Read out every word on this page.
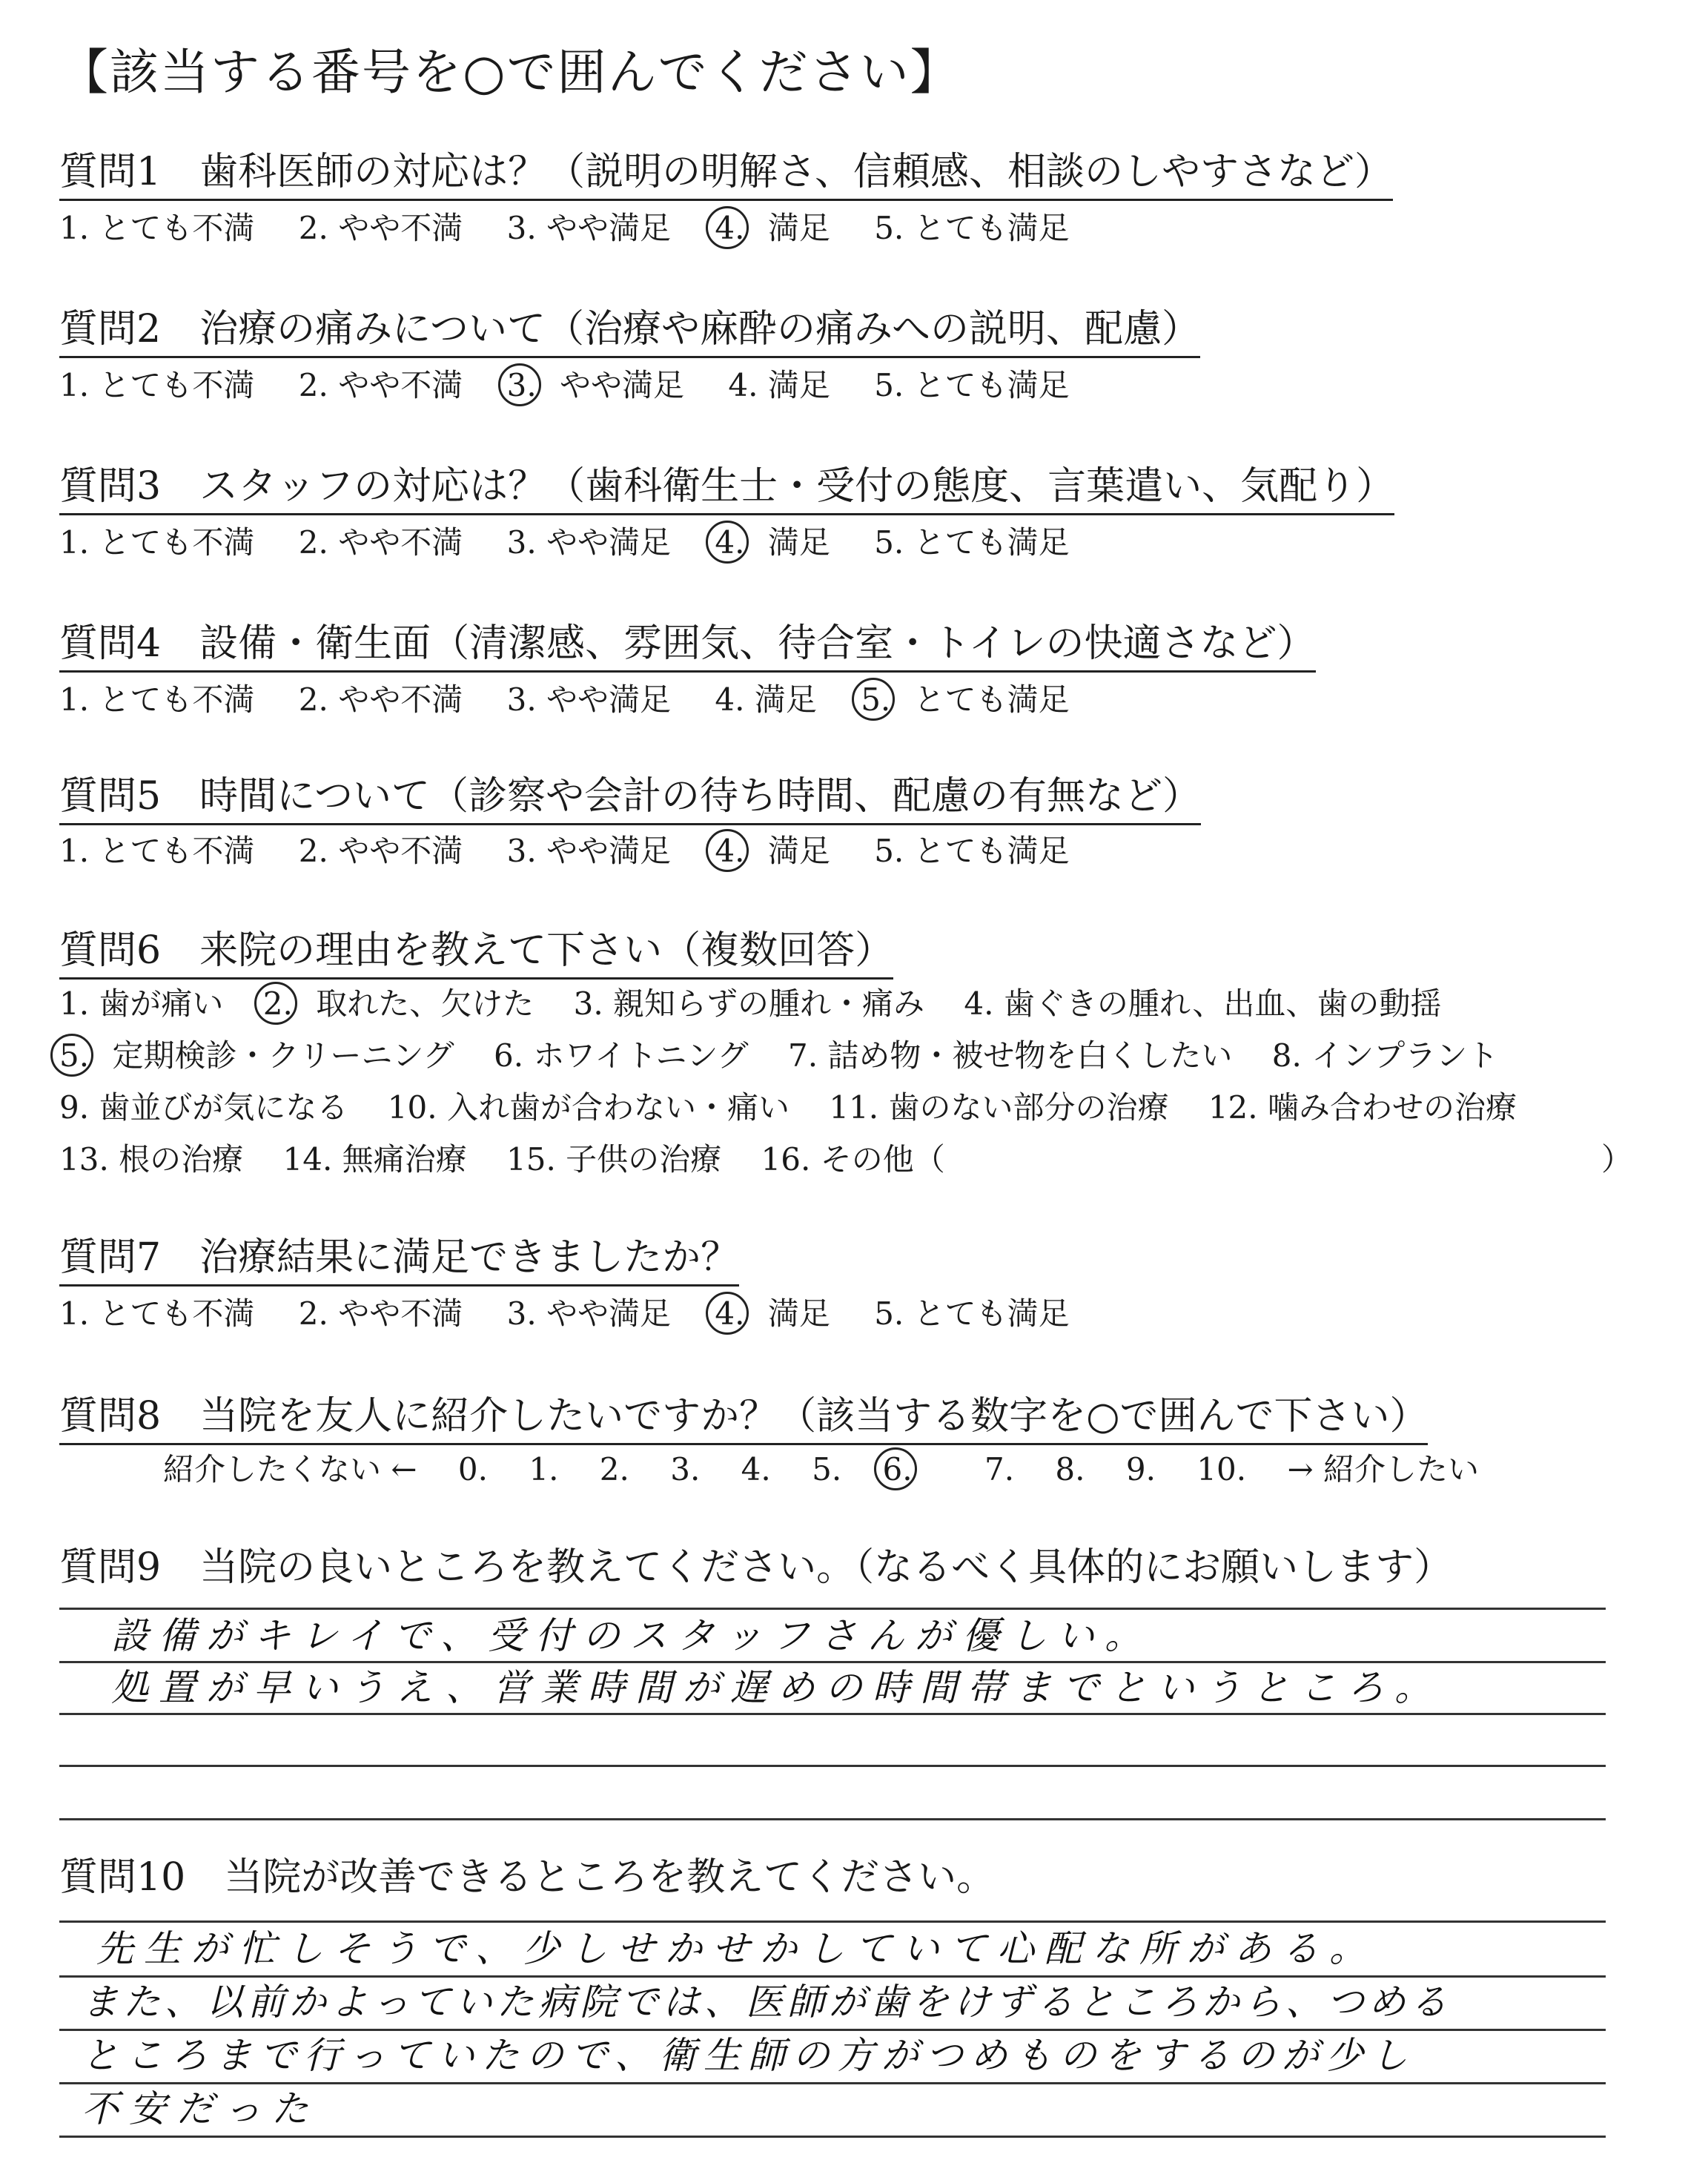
【該当する番号を○で囲んでください】
質問1　歯科医師の対応は？（説明の明解さ、信頼感、相談のしやすさなど）
1. とても不満 2. やや不満 3. やや満足 4. 満足 5. とても満足
質問2　治療の痛みについて（治療や麻酔の痛みへの説明、配慮）
1. とても不満 2. やや不満 3. やや満足 4. 満足 5. とても満足
質問3　スタッフの対応は？（歯科衛生士・受付の態度、言葉遣い、気配り）
1. とても不満 2. やや不満 3. やや満足 4. 満足 5. とても満足
質問4　設備・衛生面（清潔感、雰囲気、待合室・トイレの快適さなど）
1. とても不満 2. やや不満 3. やや満足 4. 満足 5. とても満足
質問5　時間について（診察や会計の待ち時間、配慮の有無など）
1. とても不満 2. やや不満 3. やや満足 4. 満足 5. とても満足
質問6　来院の理由を教えて下さい（複数回答）
1. 歯が痛い 2. 取れた、欠けた 3. 親知らずの腫れ・痛み 4. 歯ぐきの腫れ、出血、歯の動揺
5. 定期検診・クリーニング 6. ホワイトニング 7. 詰め物・被せ物を白くしたい 8. インプラント
9. 歯並びが気になる 10. 入れ歯が合わない・痛い 11. 歯のない部分の治療 12. 噛み合わせの治療
13. 根の治療 14. 無痛治療 15. 子供の治療 16. その他（	）
質問7　治療結果に満足できましたか？
1. とても不満 2. やや不満 3. やや満足 4. 満足 5. とても満足
質問8　当院を友人に紹介したいですか？（該当する数字を○で囲んで下さい）
紹介したくない ← 0. 1. 2. 3. 4. 5. 6. 7. 8. 9. 10. → 紹介したい
質問9　当院の良いところを教えてください。（なるべく具体的にお願いします）
設備がキレイで、受付のスタッフさんが優しい。
処置が早いうえ、営業時間が遅めの時間帯までというところ。
質問10　当院が改善できるところを教えてください。
先生が忙しそうで、少しせかせかしていて心配な所がある。
また、以前かよっていた病院では、医師が歯をけずるところから、つめる
ところまで行っていたので、衛生師の方がつめものをするのが少し
不安だった
